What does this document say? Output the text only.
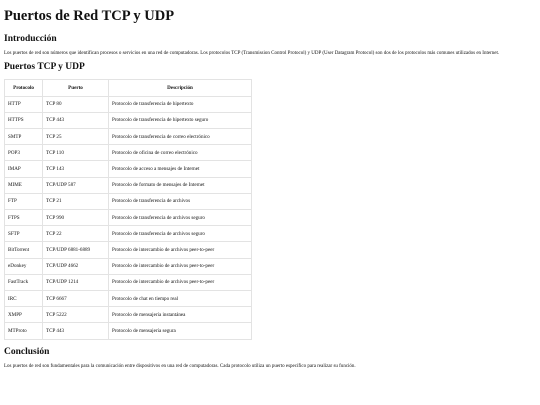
Puertos de Red TCP y UDP
Introducción

Los puertos de red son números que identifican procesos o servicios en una red de computadoras. Los protocolos TCP (Transmission Control Protocol) y UDP (User Datagram Protocol) son dos de los protocolos más comunes utilizados en Internet.

Puertos TCP y UDP
Protocolo	Puerto	Descripción
HTTP	TCP 80	Protocolo de transferencia de hipertexto
HTTPS	TCP 443	Protocolo de transferencia de hipertexto seguro
SMTP	TCP 25	Protocolo de transferencia de correo electrónico
POP3	TCP 110	Protocolo de oficina de correo electrónico
IMAP	TCP 143	Protocolo de acceso a mensajes de Internet
MIME	TCP/UDP 587	Protocolo de formato de mensajes de Internet
FTP	TCP 21	Protocolo de transferencia de archivos
FTPS	TCP 990	Protocolo de transferencia de archivos seguro
SFTP	TCP 22	Protocolo de transferencia de archivos seguro
BitTorrent	TCP/UDP 6881-6889	Protocolo de intercambio de archivos peer-to-peer
eDonkey	TCP/UDP 4662	Protocolo de intercambio de archivos peer-to-peer
FastTrack	TCP/UDP 1214	Protocolo de intercambio de archivos peer-to-peer
IRC	TCP 6667	Protocolo de chat en tiempo real
XMPP	TCP 5222	Protocolo de mensajería instantánea
MTProto	TCP 443	Protocolo de mensajería segura
Conclusión

Los puertos de red son fundamentales para la comunicación entre dispositivos en una red de computadoras. Cada protocolo utiliza un puerto específico para realizar su función.
